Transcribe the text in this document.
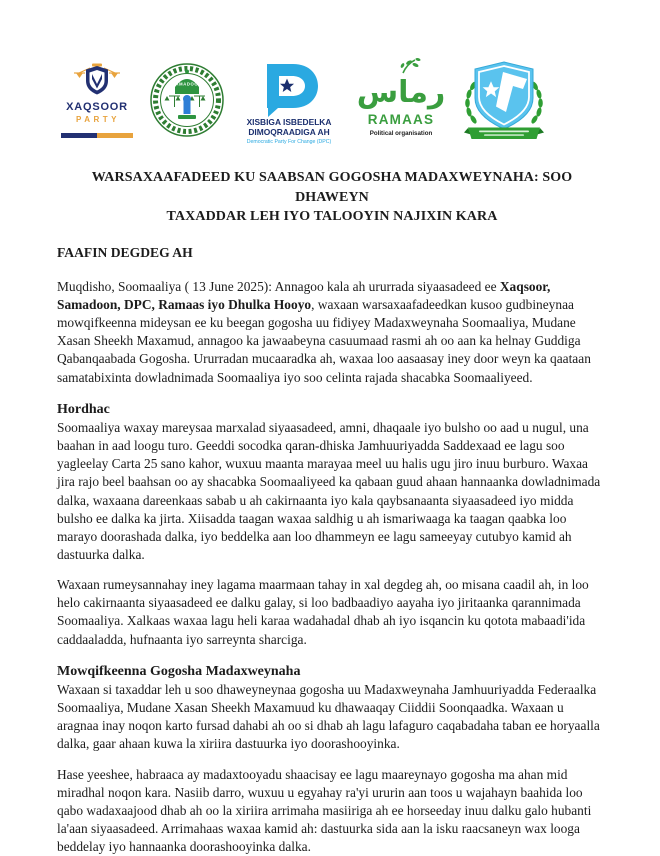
XAQSOOR
PARTY
SAMADOON
XISBIGA ISBEDELKA
DIMOQRAADIGA AH
Democratic Party For Change (DPC)
رماس
RAMAAS
Political organisation
WARSAXAAFADEED KU SAABSAN GOGOSHA MADAXWEYNAHA: SOO DHAWEYN
TAXADDAR LEH IYO TALOOYIN NAJIXIN KARA
FAAFIN DEGDEG AH

Muqdisho, Soomaaliya ( 13 June 2025): Annagoo kala ah ururrada siyaasadeed ee Xaqsoor, Samadoon, DPC, Ramaas iyo Dhulka Hooyo, waxaan warsaxaafadeedkan kusoo gudbineynaa mowqifkeenna mideysan ee ku beegan gogosha uu fidiyey Madaxweynaha Soomaaliya, Mudane Xasan Sheekh Maxamud, annagoo ka jawaabeyna casuumaad rasmi ah oo aan ka helnay Guddiga Qabanqaabada Gogosha. Ururradan mucaaradka ah, waxaa loo aasaasay iney door weyn ka qaataan samatabixinta dowladnimada Soomaaliya iyo soo celinta rajada shacabka Soomaaliyeed.

Hordhac

Soomaaliya waxay mareysaa marxalad siyaasadeed, amni, dhaqaale iyo bulsho oo aad u nugul, una baahan in aad loogu turo. Geeddi socodka qaran-dhiska Jamhuuriyadda Saddexaad ee lagu soo yagleelay Carta 25 sano kahor, wuxuu maanta marayaa meel uu halis ugu jiro inuu burburo. Waxaa jira rajo beel baahsan oo ay shacabka Soomaaliyeed ka qabaan guud ahaan hannaanka dowladnimada dalka, waxaana dareenkaas sabab u ah cakirnaanta iyo kala qaybsanaanta siyaasadeed iyo midda bulsho ee dalka ka jirta. Xiisadda taagan waxaa saldhig u ah ismariwaaga ka taagan qaabka loo marayo doorashada dalka, iyo beddelka aan loo dhammeyn ee lagu sameeyay cutubyo kamid ah dastuurka dalka.

Waxaan rumeysannahay iney lagama maarmaan tahay in xal degdeg ah, oo misana caadil ah, in loo helo cakirnaanta siyaasadeed ee dalku galay, si loo badbaadiyo aayaha iyo jiritaanka qarannimada Soomaaliya. Xalkaas waxaa lagu heli karaa wadahadal dhab ah iyo isqancin ku qotota mabaadi'ida caddaaladda, hufnaanta iyo sarreynta sharciga.

Mowqifkeenna Gogosha Madaxweynaha

Waxaan si taxaddar leh u soo dhaweyneynaa gogosha uu Madaxweynaha Jamhuuriyadda Federaalka Soomaaliya, Mudane Xasan Sheekh Maxamuud ku dhawaaqay Ciiddii Soonqaadka. Waxaan u aragnaa inay noqon karto fursad dahabi ah oo si dhab ah lagu lafaguro caqabadaha taban ee horyaalla dalka, gaar ahaan kuwa la xiriira dastuurka iyo doorashooyinka.

Hase yeeshee, habraaca ay madaxtooyadu shaacisay ee lagu maareynayo gogosha ma ahan mid miradhal noqon kara. Nasiib darro, wuxuu u egyahay ra'yi ururin aan toos u wajahayn baahida loo qabo wadaxaajood dhab ah oo la xiriira arrimaha masiiriga ah ee horseeday inuu dalku galo hubanti la'aan siyaasadeed. Arrimahaas waxaa kamid ah: dastuurka sida aan la isku raacsaneyn wax looga beddelay iyo hannaanka doorashooyinka dalka.
